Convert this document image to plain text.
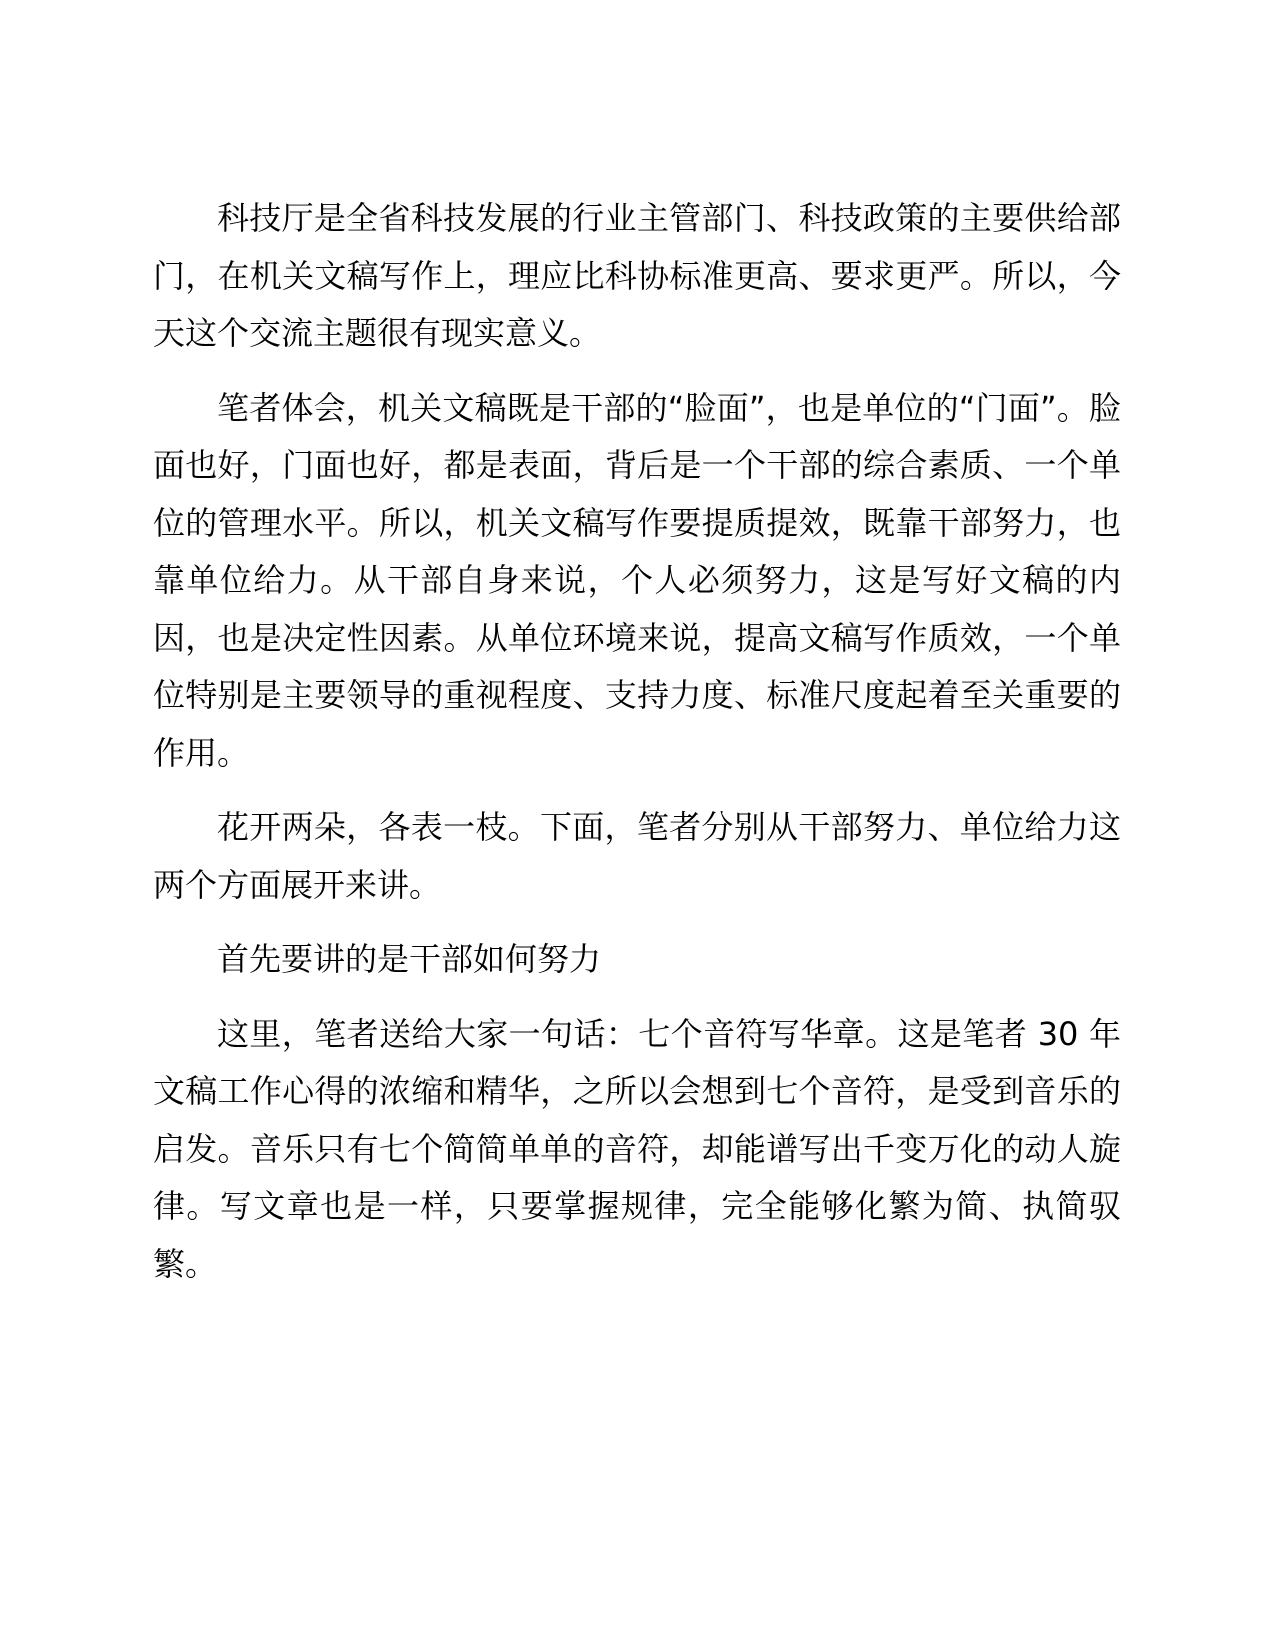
科技厅是全省科技发展的行业主管部门、科技政策的主要供给部门，在机关文稿写作上，理应比科协标准更高、要求更严。所以，今天这个交流主题很有现实意义。

笔者体会，机关文稿既是干部的“脸面”，也是单位的“门面”。脸面也好，门面也好，都是表面，背后是一个干部的综合素质、一个单位的管理水平。所以，机关文稿写作要提质提效，既靠干部努力，也靠单位给力。从干部自身来说，个人必须努力，这是写好文稿的内因，也是决定性因素。从单位环境来说，提高文稿写作质效，一个单位特别是主要领导的重视程度、支持力度、标准尺度起着至关重要的作用。

花开两朵，各表一枝。下面，笔者分别从干部努力、单位给力这两个方面展开来讲。

首先要讲的是干部如何努力

这里，笔者送给大家一句话：七个音符写华章。这是笔者 30 年文稿工作心得的浓缩和精华，之所以会想到七个音符，是受到音乐的启发。音乐只有七个简简单单的音符，却能谱写出千变万化的动人旋律。写文章也是一样，只要掌握规律，完全能够化繁为简、执简驭繁。
